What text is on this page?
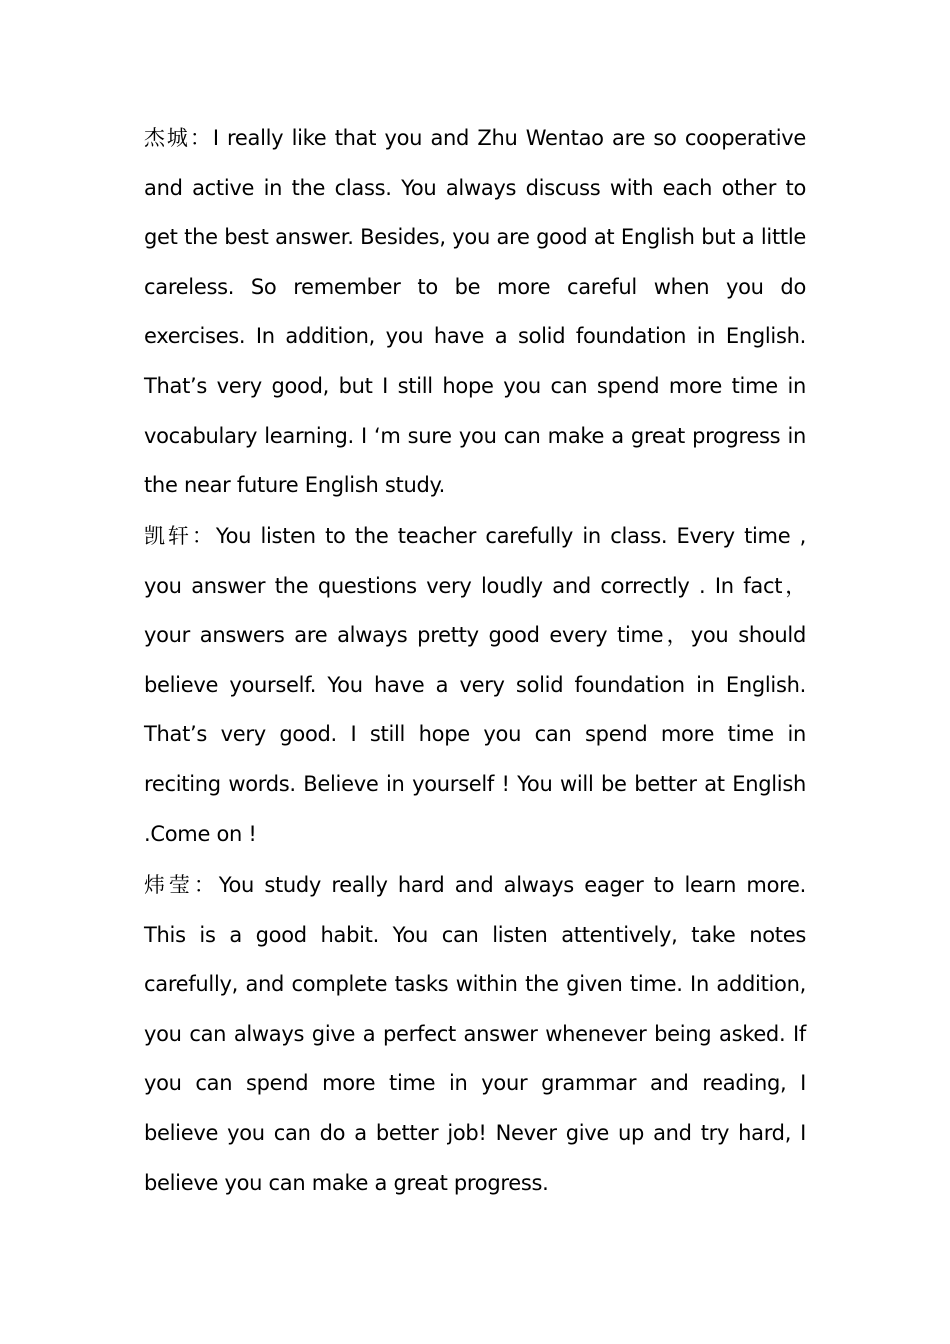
杰城：I really like that you and Zhu Wentao are so cooperative and active in the class. You always discuss with each other to get the best answer. Besides, you are good at English but a little careless. So remember to be more careful when you do exercises. In addition, you have a solid foundation in English. That’s very good, but I still hope you can spend more time in vocabulary learning. I ‘m sure you can make a great progress in the near future English study.

凯轩：You listen to the teacher carefully in class. Every time , you answer the questions very loudly and correctly . In fact，your answers are always pretty good every time，you should believe yourself. You have a very solid foundation in English. That’s very good. I still hope you can spend more time in reciting words. Believe in yourself ! You will be better at English .Come on !

炜莹：You study really hard and always eager to learn more. This is a good habit. You can listen attentively, take notes carefully, and complete tasks within the given time. In addition, you can always give a perfect answer whenever being asked. If you can spend more time in your grammar and reading, I believe you can do a better job! Never give up and try hard, I believe you can make a great progress.
